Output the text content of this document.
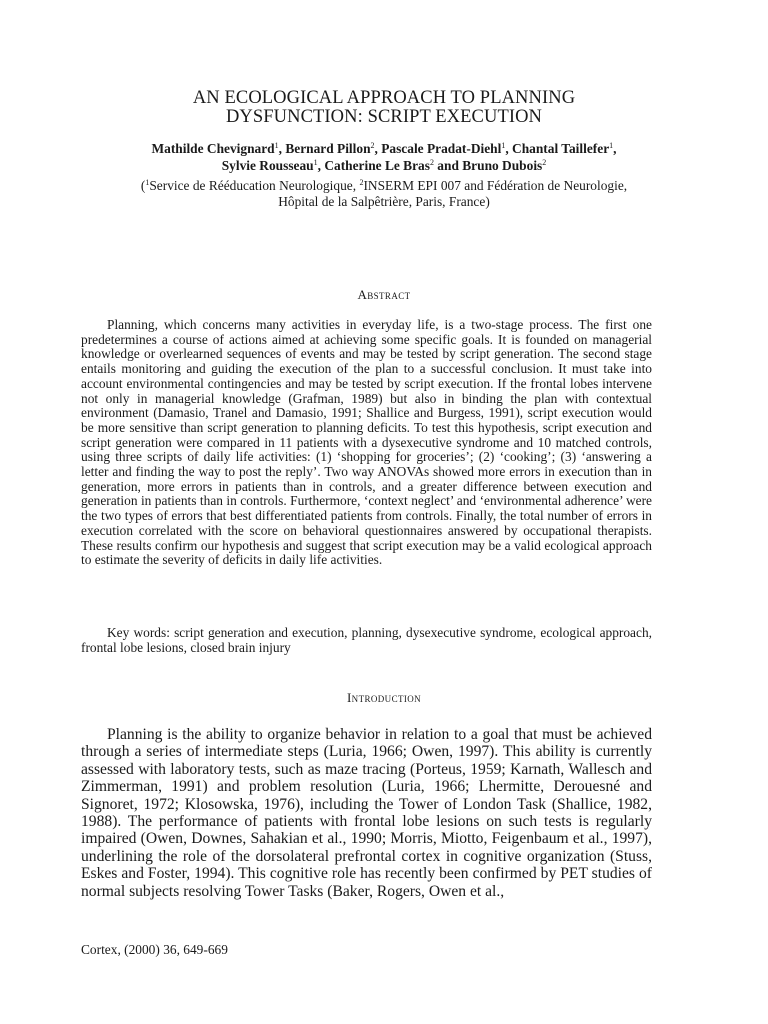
AN ECOLOGICAL APPROACH TO PLANNING
DYSFUNCTION: SCRIPT EXECUTION
Mathilde Chevignard$^1$, Bernard Pillon$^2$, Pascale Pradat-Diehl$^1$, Chantal Taillefer$^1$,
Sylvie Rousseau$^1$, Catherine Le Bras$^2$ and Bruno Dubois$^2$
($^1$Service de Rééducation Neurologique, $^2$INSERM EPI 007 and Fédération de Neurologie,
Hôpital de la Salpêtrière, Paris, France)
Abstract

Planning, which concerns many activities in everyday life, is a two-stage process. The first one predetermines a course of actions aimed at achieving some specific goals. It is founded on managerial knowledge or overlearned sequences of events and may be tested by script generation. The second stage entails monitoring and guiding the execution of the plan to a successful conclusion. It must take into account environmental contingencies and may be tested by script execution. If the frontal lobes intervene not only in managerial knowledge (Grafman, 1989) but also in binding the plan with contextual environment (Damasio, Tranel and Damasio, 1991; Shallice and Burgess, 1991), script execution would be more sensitive than script generation to planning deficits. To test this hypothesis, script execution and script generation were compared in 11 patients with a dysexecutive syndrome and 10 matched controls, using three scripts of daily life activities: (1) ‘shopping for groceries’; (2) ‘cooking’; (3) ‘answering a letter and finding the way to post the reply’. Two way ANOVAs showed more errors in execution than in generation, more errors in patients than in controls, and a greater difference between execution and generation in patients than in controls. Furthermore, ‘context neglect’ and ‘environmental adherence’ were the two types of errors that best differentiated patients from controls. Finally, the total number of errors in execution correlated with the score on behavioral questionnaires answered by occupational therapists. These results confirm our hypothesis and suggest that script execution may be a valid ecological approach to estimate the severity of deficits in daily life activities.

Key words: script generation and execution, planning, dysexecutive syndrome, ecological approach, frontal lobe lesions, closed brain injury

Introduction

Planning is the ability to organize behavior in relation to a goal that must be achieved through a series of intermediate steps (Luria, 1966; Owen, 1997). This ability is currently assessed with laboratory tests, such as maze tracing (Porteus, 1959; Karnath, Wallesch and Zimmerman, 1991) and problem resolution (Luria, 1966; Lhermitte, Derouesné and Signoret, 1972; Klosowska, 1976), including the Tower of London Task (Shallice, 1982, 1988). The performance of patients with frontal lobe lesions on such tests is regularly impaired (Owen, Downes, Sahakian et al., 1990; Morris, Miotto, Feigenbaum et al., 1997), underlining the role of the dorsolateral prefrontal cortex in cognitive organization (Stuss, Eskes and Foster, 1994). This cognitive role has recently been confirmed by PET studies of normal subjects resolving Tower Tasks (Baker, Rogers, Owen et al.,

Cortex, (2000) 36, 649-669
